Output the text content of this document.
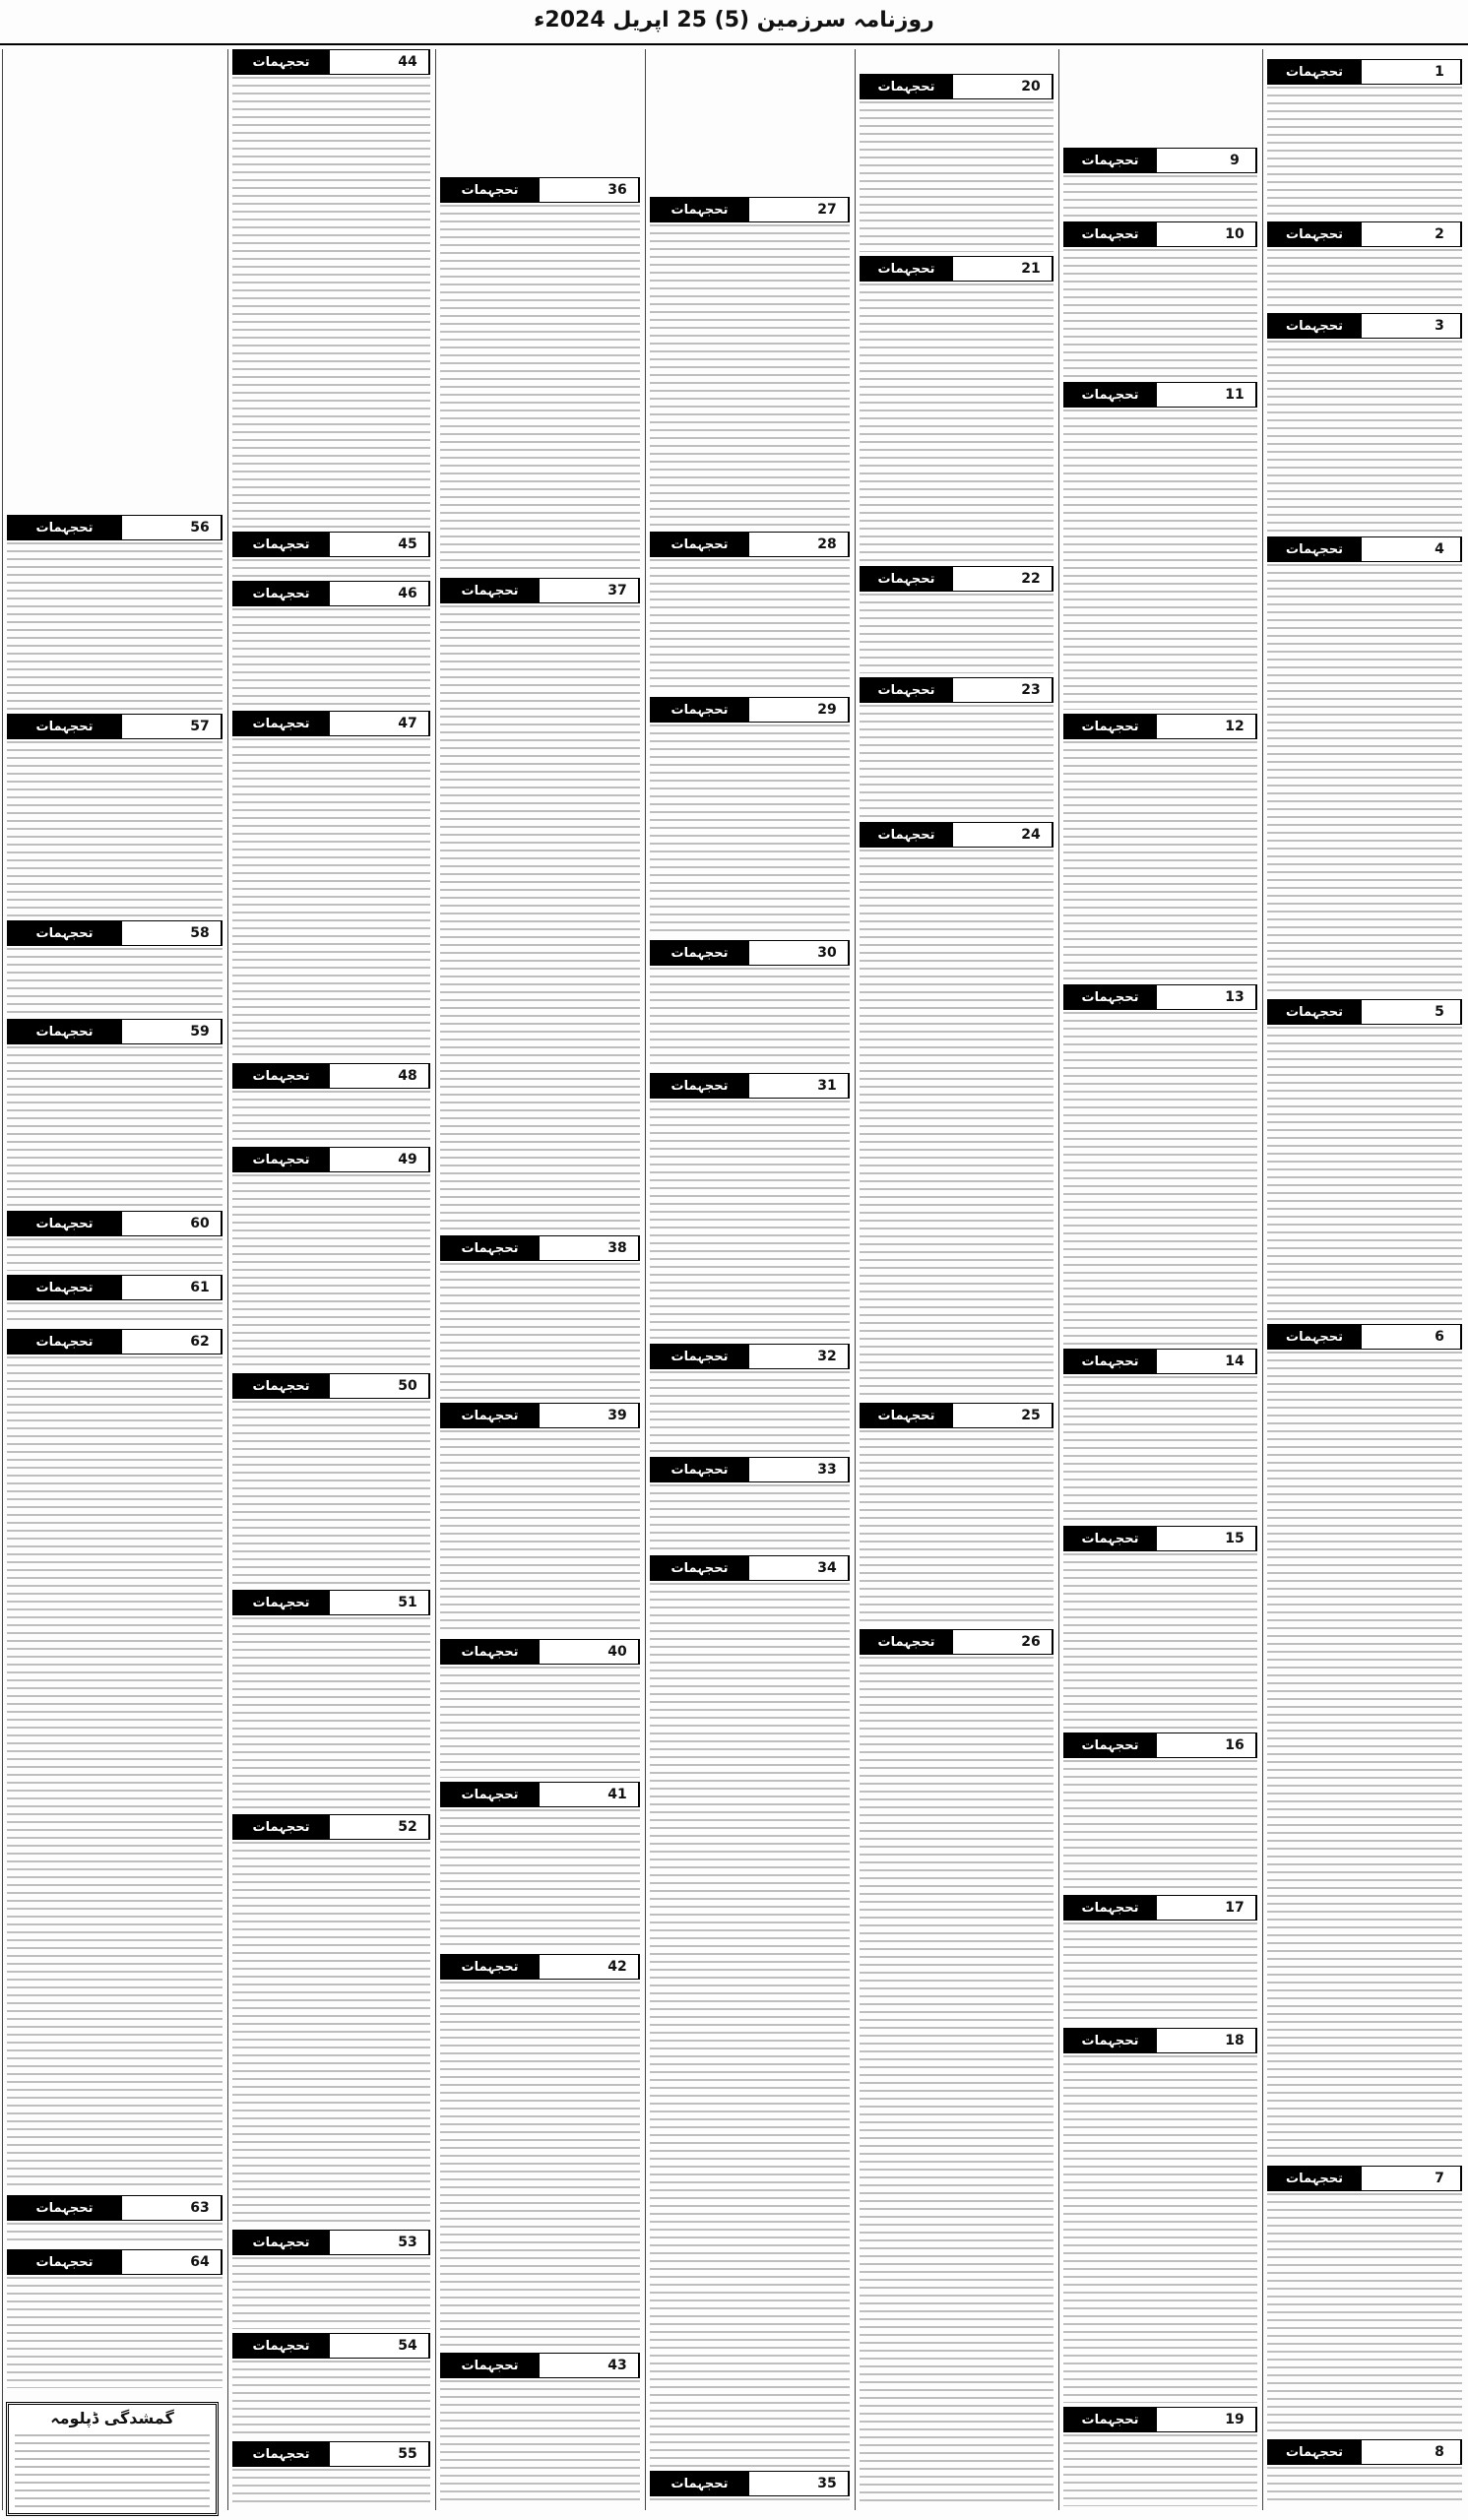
روزنامہ سرزمین (5) 25 اپریل 2024ء
تحجہمات	1
تحجہمات	2
تحجہمات	3
تحجہمات	4
تحجہمات	5
تحجہمات	6
تحجہمات	7
تحجہمات	8
تحجہمات	9
تحجہمات	10
تحجہمات	11
تحجہمات	12
تحجہمات	13
تحجہمات	14
تحجہمات	15
تحجہمات	16
تحجہمات	17
تحجہمات	18
تحجہمات	19
تحجہمات	20
تحجہمات	21
تحجہمات	22
تحجہمات	23
تحجہمات	24
تحجہمات	25
تحجہمات	26
تحجہمات	27
تحجہمات	28
تحجہمات	29
تحجہمات	30
تحجہمات	31
تحجہمات	32
تحجہمات	33
تحجہمات	34
تحجہمات	35
تحجہمات	36
تحجہمات	37
تحجہمات	38
تحجہمات	39
تحجہمات	40
تحجہمات	41
تحجہمات	42
تحجہمات	43
تحجہمات	44
تحجہمات	45
تحجہمات	46
تحجہمات	47
تحجہمات	48
تحجہمات	49
تحجہمات	50
تحجہمات	51
تحجہمات	52
تحجہمات	53
تحجہمات	54
تحجہمات	55
تحجہمات	56
تحجہمات	57
تحجہمات	58
تحجہمات	59
تحجہمات	60
تحجہمات	61
تحجہمات	62
تحجہمات	63
تحجہمات	64
گمشدگی ڈپلومہ
